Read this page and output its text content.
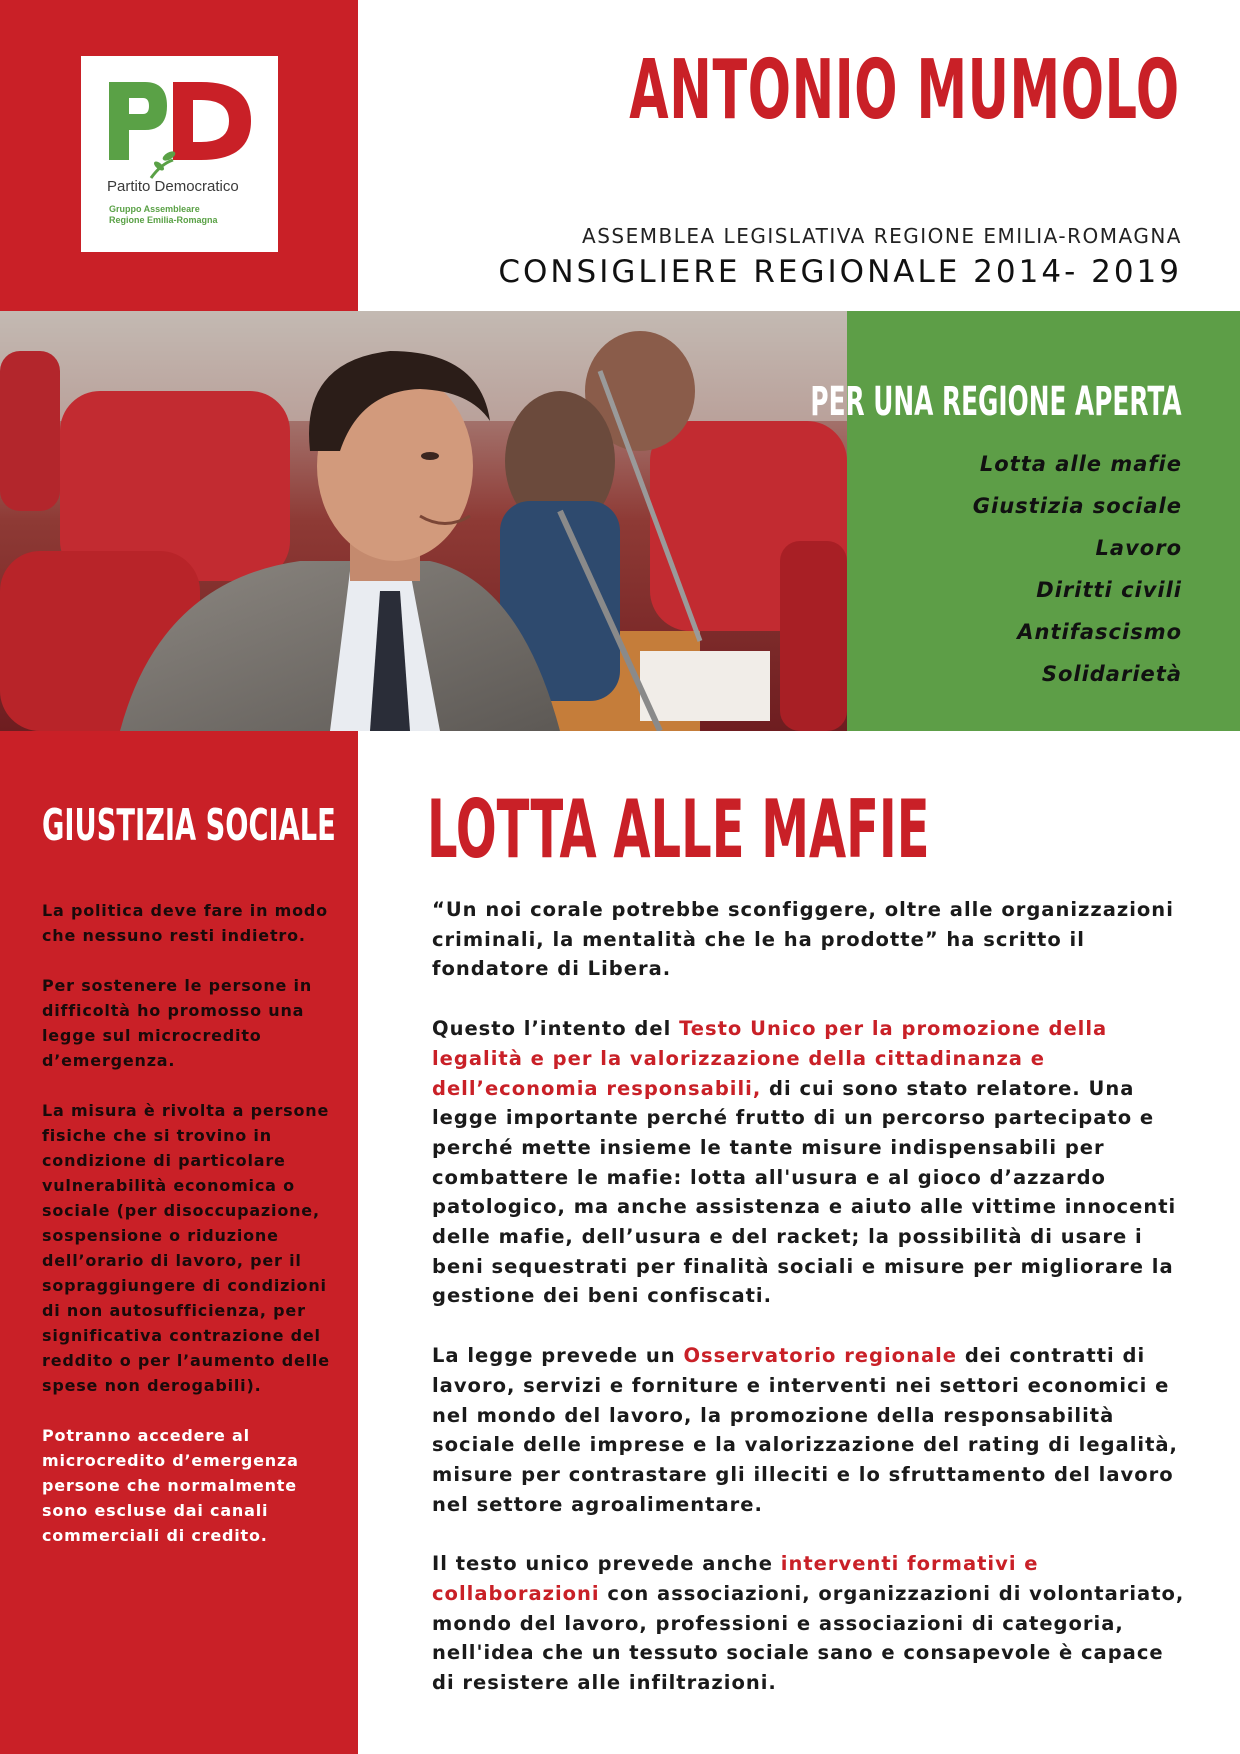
Partito Democratico
Gruppo Assembleare
Regione Emilia-Romagna
ANTONIO MUMOLO
ASSEMBLEA LEGISLATIVA REGIONE EMILIA-ROMAGNA
CONSIGLIERE REGIONALE 2014- 2019
PER UNA REGIONE APERTA
Lotta alle mafie
Giustizia sociale
Lavoro
Diritti civili
Antifascismo
Solidarietà
GIUSTIZIA SOCIALE

La politica deve fare in modo che nessuno resti indietro.

Per sostenere le persone in difficoltà ho promosso una legge sul microcredito d’emergenza.

La misura è rivolta a persone fisiche che si trovino in condizione di particolare vulnerabilità economica o sociale (per disoccupazione, sospensione o riduzione dell’orario di lavoro, per il sopraggiungere di condizioni di non autosufficienza, per significativa contrazione del reddito o per l’aumento delle spese non derogabili).

Potranno accedere al microcredito d’emergenza persone che normalmente sono escluse dai canali commerciali di credito.

LOTTA ALLE MAFIE

“Un noi corale potrebbe sconfiggere, oltre alle organizzazioni criminali, la mentalità che le ha prodotte” ha scritto il fondatore di Libera.

Questo l’intento del Testo Unico per la promozione della legalità e per la valorizzazione della cittadinanza e dell’economia responsabili, di cui sono stato relatore. Una legge importante perché frutto di un percorso partecipato e perché mette insieme le tante misure indispensabili per combattere le mafie: lotta all'usura e al gioco d’azzardo patologico, ma anche assistenza e aiuto alle vittime innocenti delle mafie, dell’usura e del racket; la possibilità di usare i beni sequestrati per finalità sociali e misure per migliorare la gestione dei beni confiscati.

La legge prevede un Osservatorio regionale dei contratti di lavoro, servizi e forniture e interventi nei settori economici e nel mondo del lavoro, la promozione della responsabilità sociale delle imprese e la valorizzazione del rating di legalità, misure per contrastare gli illeciti e lo sfruttamento del lavoro nel settore agroalimentare.

Il testo unico prevede anche interventi formativi e collaborazioni con associazioni, organizzazioni di volontariato, mondo del lavoro, professioni e associazioni di categoria, nell'idea che un tessuto sociale sano e consapevole è capace di resistere alle infiltrazioni.
